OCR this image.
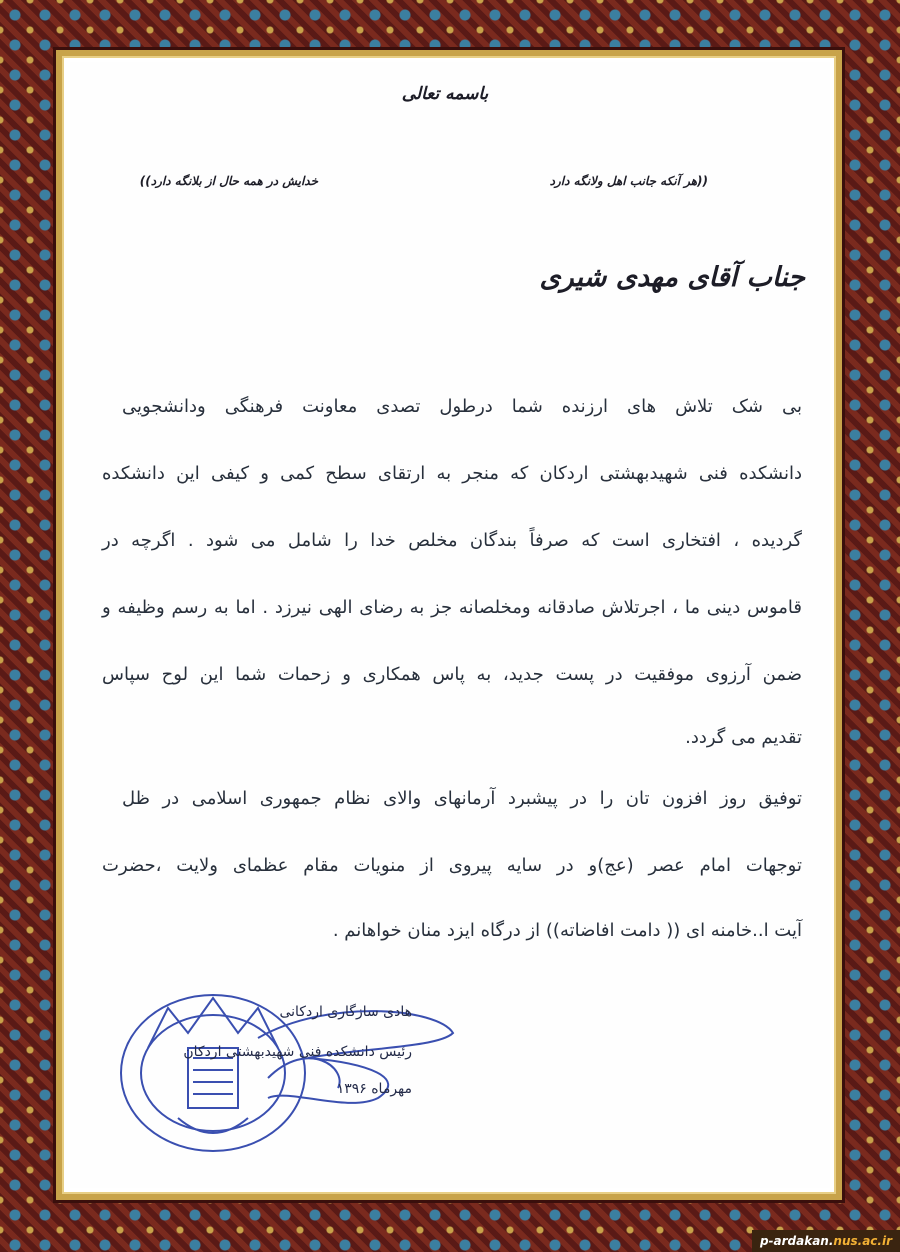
باسمه تعالی
((هر آنکه جانب اهل ولانگه دارد
خدایش در همه حال از بلانگه دارد))
جناب آقای مهدی شیری
بی شک تلاش های ارزنده شما درطول تصدی معاونت فرهنگی ودانشجویی
دانشکده فنی شهیدبهشتی اردکان که منجر به ارتقای سطح کمی و کیفی این دانشکده
گردیده ، افتخاری است که صرفاً بندگان مخلص خدا را شامل می شود . اگرچه در
قاموس دینی ما ، اجرتلاش صادقانه ومخلصانه جز به رضای الهی نیرزد . اما به رسم وظیفه و
ضمن آرزوی موفقیت در پست جدید، به پاس همکاری و زحمات شما این لوح سپاس
تقدیم می گردد.
توفیق روز افزون تان را در پیشبرد آرمانهای والای نظام جمهوری اسلامی در ظل
توجهات امام عصر (عج)و در سایه پیروی از منویات مقام عظمای ولایت ،حضرت
آیت ا..خامنه ای (( دامت افاضاته)) از درگاه ایزد منان خواهانم .
هادی سازگاری اردکانی
رئیس دانشکده فنی شهیدبهشتی اردکان
مهرماه ۱۳۹۶
p-ardakan.nus.ac.ir
